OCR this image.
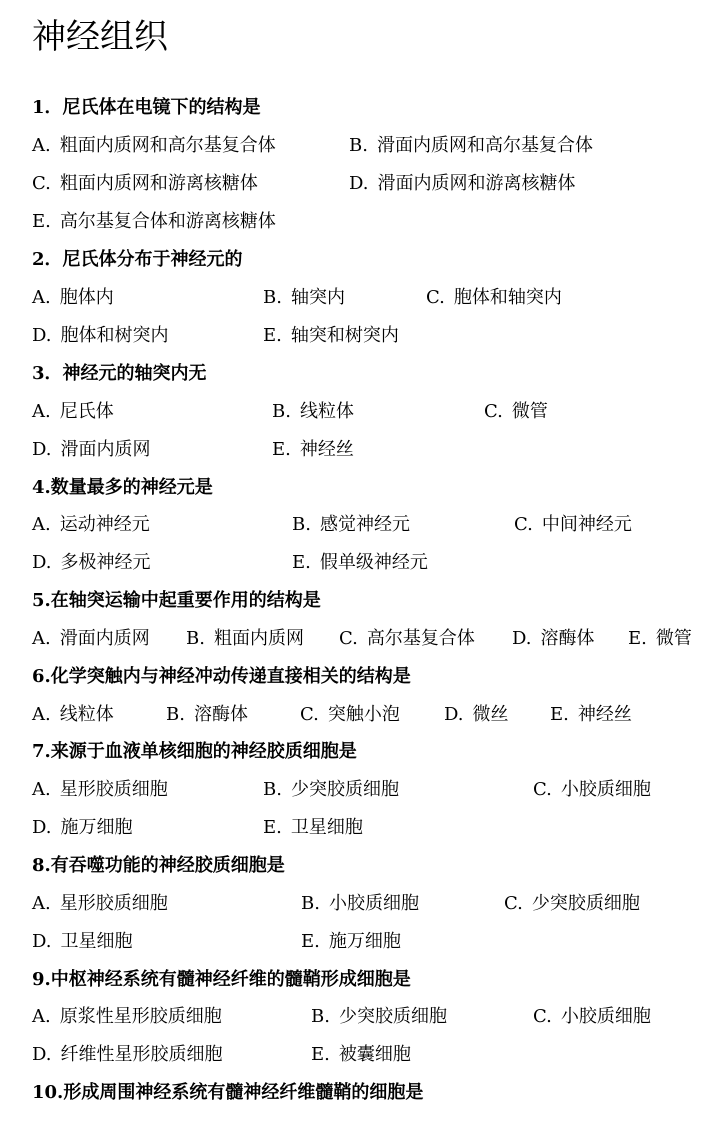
神经组织
1．尼氏体在电镜下的结构是
A. 粗面内质网和高尔基复合体	B. 滑面内质网和高尔基复合体
C. 粗面内质网和游离核糖体	D. 滑面内质网和游离核糖体
E. 高尔基复合体和游离核糖体
2．尼氏体分布于神经元的
A. 胞体内	B. 轴突内	C. 胞体和轴突内
D. 胞体和树突内	E. 轴突和树突内
3．神经元的轴突内无
A. 尼氏体	B. 线粒体	C. 微管
D. 滑面内质网	E. 神经丝
4.数量最多的神经元是
A. 运动神经元	B. 感觉神经元	C. 中间神经元
D. 多极神经元	E. 假单级神经元
5.在轴突运输中起重要作用的结构是
A. 滑面内质网 B. 粗面内质网 C. 高尔基复合体 D. 溶酶体 E. 微管
6.化学突触内与神经冲动传递直接相关的结构是
A. 线粒体	B. 溶酶体	C. 突触小泡 D. 微丝 E. 神经丝
7.来源于血液单核细胞的神经胶质细胞是
A. 星形胶质细胞	B. 少突胶质细胞	C. 小胶质细胞
D. 施万细胞	E. 卫星细胞
8.有吞噬功能的神经胶质细胞是
A. 星形胶质细胞	B. 小胶质细胞	C. 少突胶质细胞
D. 卫星细胞	E. 施万细胞
9.中枢神经系统有髓神经纤维的髓鞘形成细胞是
A. 原浆性星形胶质细胞	B. 少突胶质细胞	C. 小胶质细胞
D. 纤维性星形胶质细胞	E. 被囊细胞
10.形成周围神经系统有髓神经纤维髓鞘的细胞是
